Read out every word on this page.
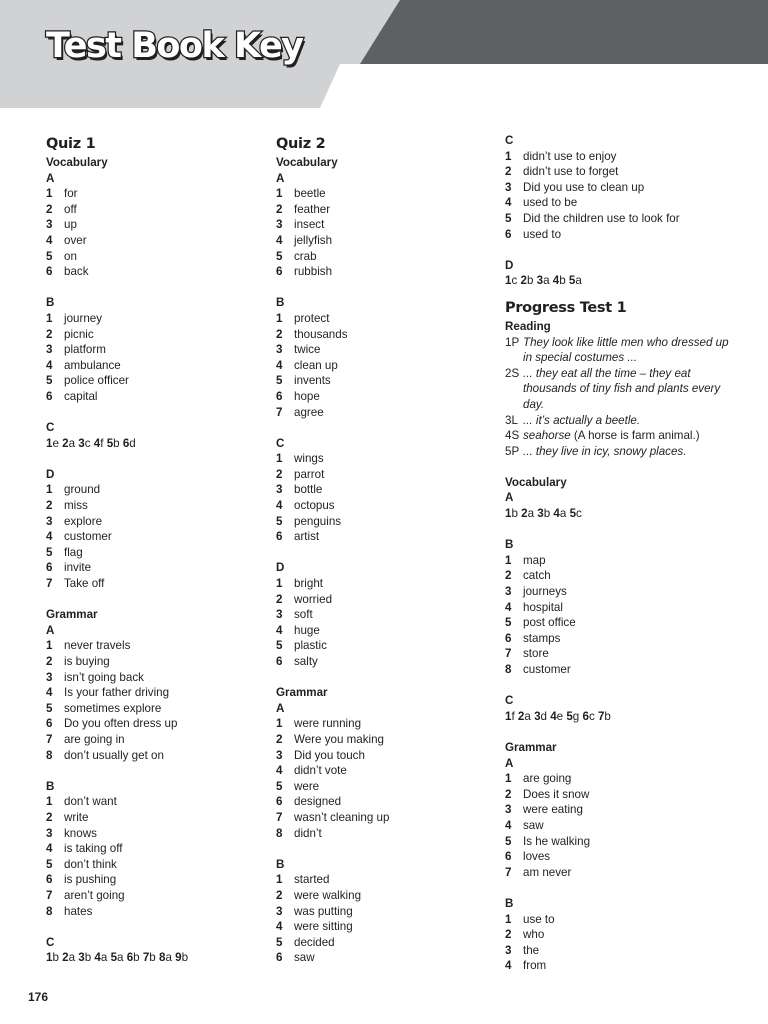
Test Book Key
Quiz 1
Vocabulary
A
1 for
2 off
3 up
4 over
5 on
6 back
B
1 journey
2 picnic
3 platform
4 ambulance
5 police officer
6 capital
C

1e 2a 3c 4f 5b 6d

D
1 ground
2 miss
3 explore
4 customer
5 flag
6 invite
7 Take off
Grammar
A
1 never travels
2 is buying
3 isn’t going back
4 Is your father driving
5 sometimes explore
6 Do you often dress up
7 are going in
8 don’t usually get on
B
1 don’t want
2 write
3 knows
4 is taking off
5 don’t think
6 is pushing
7 aren’t going
8 hates
C

1b 2a 3b 4a 5a 6b 7b 8a 9b

Quiz 2
Vocabulary
A
1 beetle
2 feather
3 insect
4 jellyfish
5 crab
6 rubbish
B
1 protect
2 thousands
3 twice
4 clean up
5 invents
6 hope
7 agree
C
1 wings
2 parrot
3 bottle
4 octopus
5 penguins
6 artist
D
1 bright
2 worried
3 soft
4 huge
5 plastic
6 salty
Grammar
A
1 were running
2 Were you making
3 Did you touch
4 didn’t vote
5 were
6 designed
7 wasn’t cleaning up
8 didn’t
B
1 started
2 were walking
3 was putting
4 were sitting
5 decided
6 saw
C
1 didn’t use to enjoy
2 didn’t use to forget
3 Did you use to clean up
4 used to be
5 Did the children use to look for
6 used to
D

1c 2b 3a 4b 5a

Progress Test 1
Reading
1P They look like little men who dressed up in special costumes ...
2S ... they eat all the time – they eat thousands of tiny fish and plants every day.
3L ... it’s actually a beetle.
4S seahorse (A horse is farm animal.)
5P ... they live in icy, snowy places.
Vocabulary
A

1b 2a 3b 4a 5c

B
1 map
2 catch
3 journeys
4 hospital
5 post office
6 stamps
7 store
8 customer
C

1f 2a 3d 4e 5g 6c 7b

Grammar
A
1 are going
2 Does it snow
3 were eating
4 saw
5 Is he walking
6 loves
7 am never
B
1 use to
2 who
3 the
4 from
176
